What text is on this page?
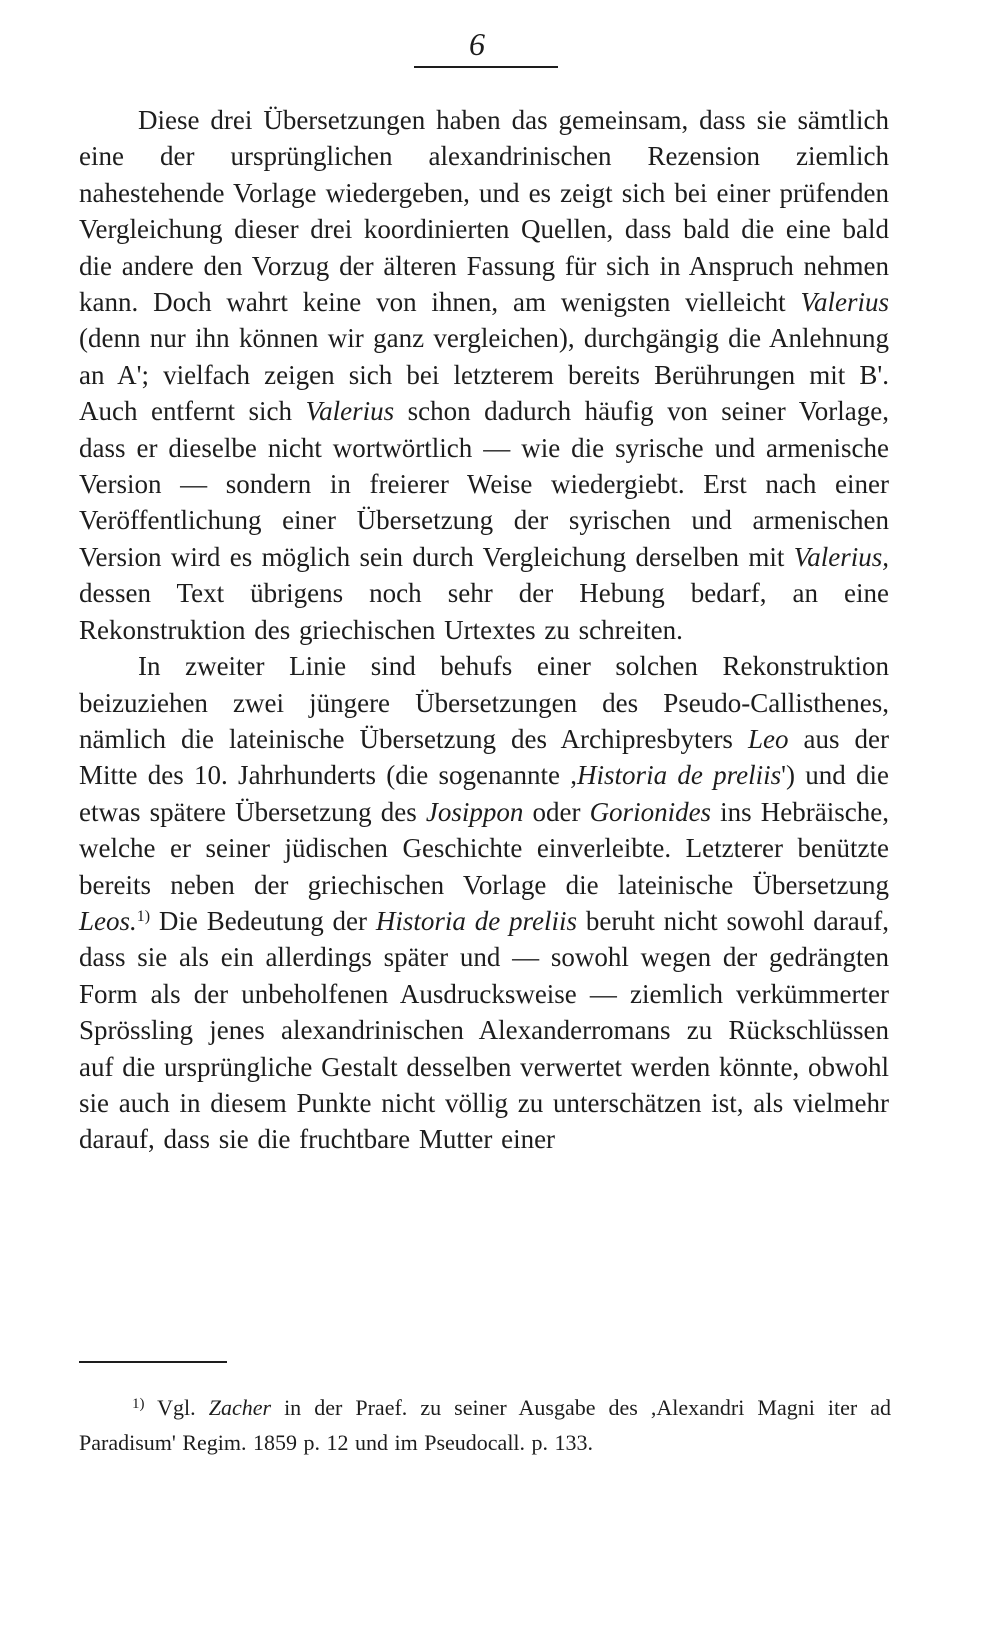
6

Diese drei Übersetzungen haben das gemeinsam, dass sie sämtlich eine der ursprünglichen alexandrinischen Rezension ziemlich nahestehende Vorlage wiedergeben, und es zeigt sich bei einer prüfenden Vergleichung dieser drei koordinierten Quellen, dass bald die eine bald die andere den Vorzug der älteren Fassung für sich in Anspruch nehmen kann. Doch wahrt keine von ihnen, am wenigsten vielleicht Valerius (denn nur ihn können wir ganz vergleichen), durchgängig die Anlehnung an A'; vielfach zeigen sich bei letzterem bereits Berührungen mit B'. Auch entfernt sich Valerius schon dadurch häufig von seiner Vorlage, dass er dieselbe nicht wortwörtlich — wie die syrische und armenische Version — sondern in freierer Weise wiedergiebt. Erst nach einer Veröffentlichung einer Übersetzung der syrischen und armenischen Version wird es möglich sein durch Vergleichung derselben mit Valerius, dessen Text übrigens noch sehr der Hebung bedarf, an eine Rekonstruktion des griechischen Urtextes zu schreiten.

In zweiter Linie sind behufs einer solchen Rekonstruktion beizuziehen zwei jüngere Übersetzungen des Pseudo-Callisthenes, nämlich die lateinische Übersetzung des Archipresbyters Leo aus der Mitte des 10. Jahrhunderts (die sogenannte ,Historia de preliis') und die etwas spätere Übersetzung des Josippon oder Gorionides ins Hebräische, welche er seiner jüdischen Geschichte einverleibte. Letzterer benützte bereits neben der griechischen Vorlage die lateinische Übersetzung Leos.$^{1)}$ Die Bedeutung der Historia de preliis beruht nicht sowohl darauf, dass sie als ein allerdings später und — sowohl wegen der gedrängten Form als der unbeholfenen Ausdrucksweise — ziemlich verkümmerter Sprössling jenes alexandrinischen Alexanderromans zu Rückschlüssen auf die ursprüngliche Gestalt desselben verwertet werden könnte, obwohl sie auch in diesem Punkte nicht völlig zu unterschätzen ist, als vielmehr darauf, dass sie die fruchtbare Mutter einer

$^{1)}$ Vgl. Zacher in der Praef. zu seiner Ausgabe des ,Alexandri Magni iter ad Paradisum' Regim. 1859 p. 12 und im Pseudocall. p. 133.
